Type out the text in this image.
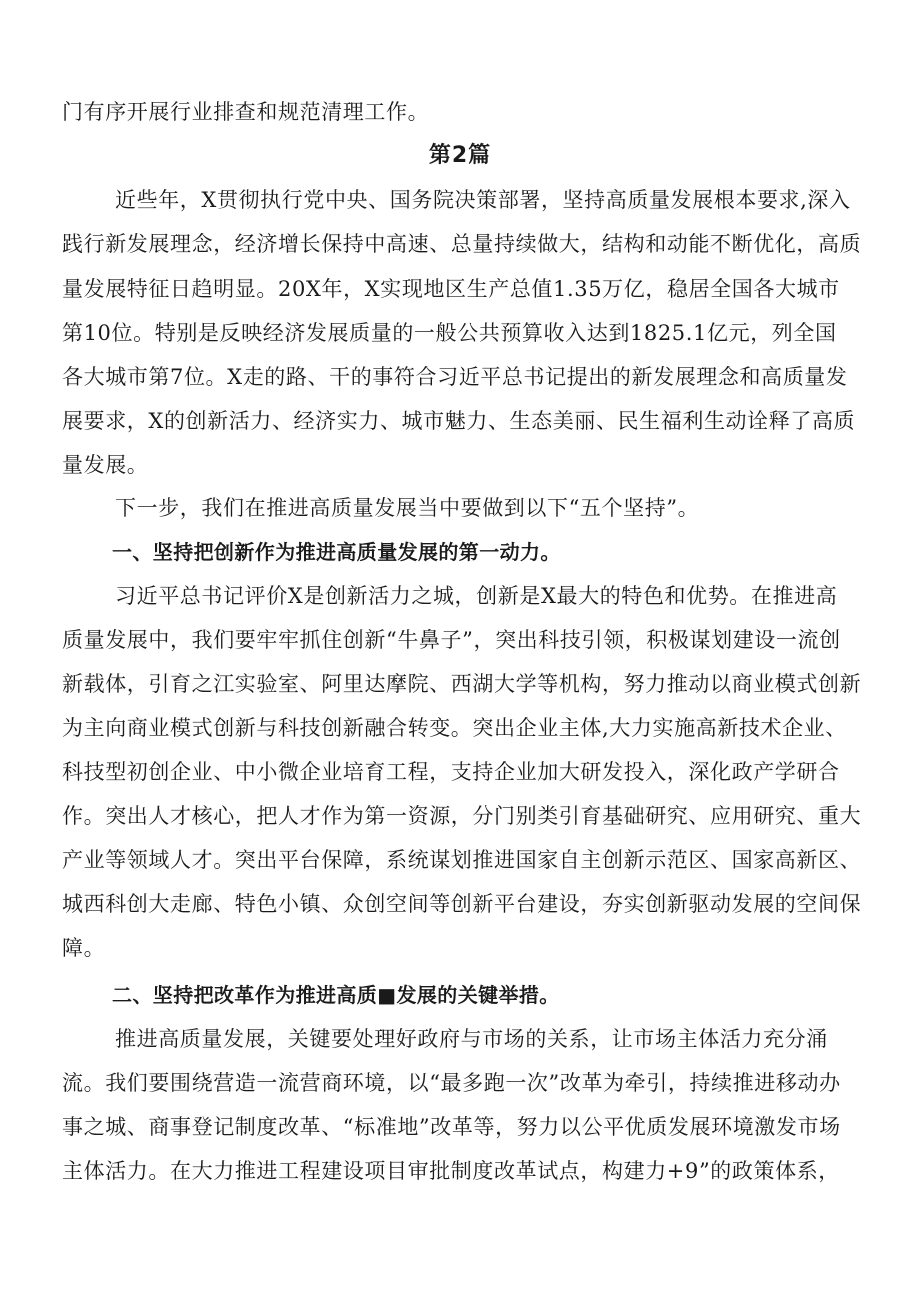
门有序开展行业排查和规范清理工作。
第2篇
近些年，X贯彻执行党中央、国务院决策部署，坚持高质量发展根本要求,深入
践行新发展理念，经济增长保持中高速、总量持续做大，结构和动能不断优化，高质
量发展特征日趋明显。20X年，X实现地区生产总值1.35万亿，稳居全国各大城市
第10位。特别是反映经济发展质量的一般公共预算收入达到1825.1亿元，列全国
各大城市第7位。X走的路、干的事符合习近平总书记提出的新发展理念和高质量发
展要求，X的创新活力、经济实力、城市魅力、生态美丽、民生福利生动诠释了高质
量发展。
下一步，我们在推进高质量发展当中要做到以下“五个坚持”。
一、坚持把创新作为推进高质量发展的第一动力。
习近平总书记评价X是创新活力之城，创新是X最大的特色和优势。在推进高
质量发展中，我们要牢牢抓住创新“牛鼻子”，突出科技引领，积极谋划建设一流创
新载体，引育之江实验室、阿里达摩院、西湖大学等机构，努力推动以商业模式创新
为主向商业模式创新与科技创新融合转变。突出企业主体,大力实施高新技术企业、
科技型初创企业、中小微企业培育工程，支持企业加大研发投入，深化政产学研合
作。突出人才核心，把人才作为第一资源，分门别类引育基础研究、应用研究、重大
产业等领域人才。突出平台保障，系统谋划推进国家自主创新示范区、国家高新区、
城西科创大走廊、特色小镇、众创空间等创新平台建设，夯实创新驱动发展的空间保
障。
二、坚持把改革作为推进高质■发展的关键举措。
推进高质量发展，关键要处理好政府与市场的关系，让市场主体活力充分涌
流。我们要围绕营造一流营商环境，以“最多跑一次”改革为牵引，持续推进移动办
事之城、商事登记制度改革、“标准地”改革等，努力以公平优质发展环境激发市场
主体活力。在大力推进工程建设项目审批制度改革试点，构建力+9”的政策体系，
